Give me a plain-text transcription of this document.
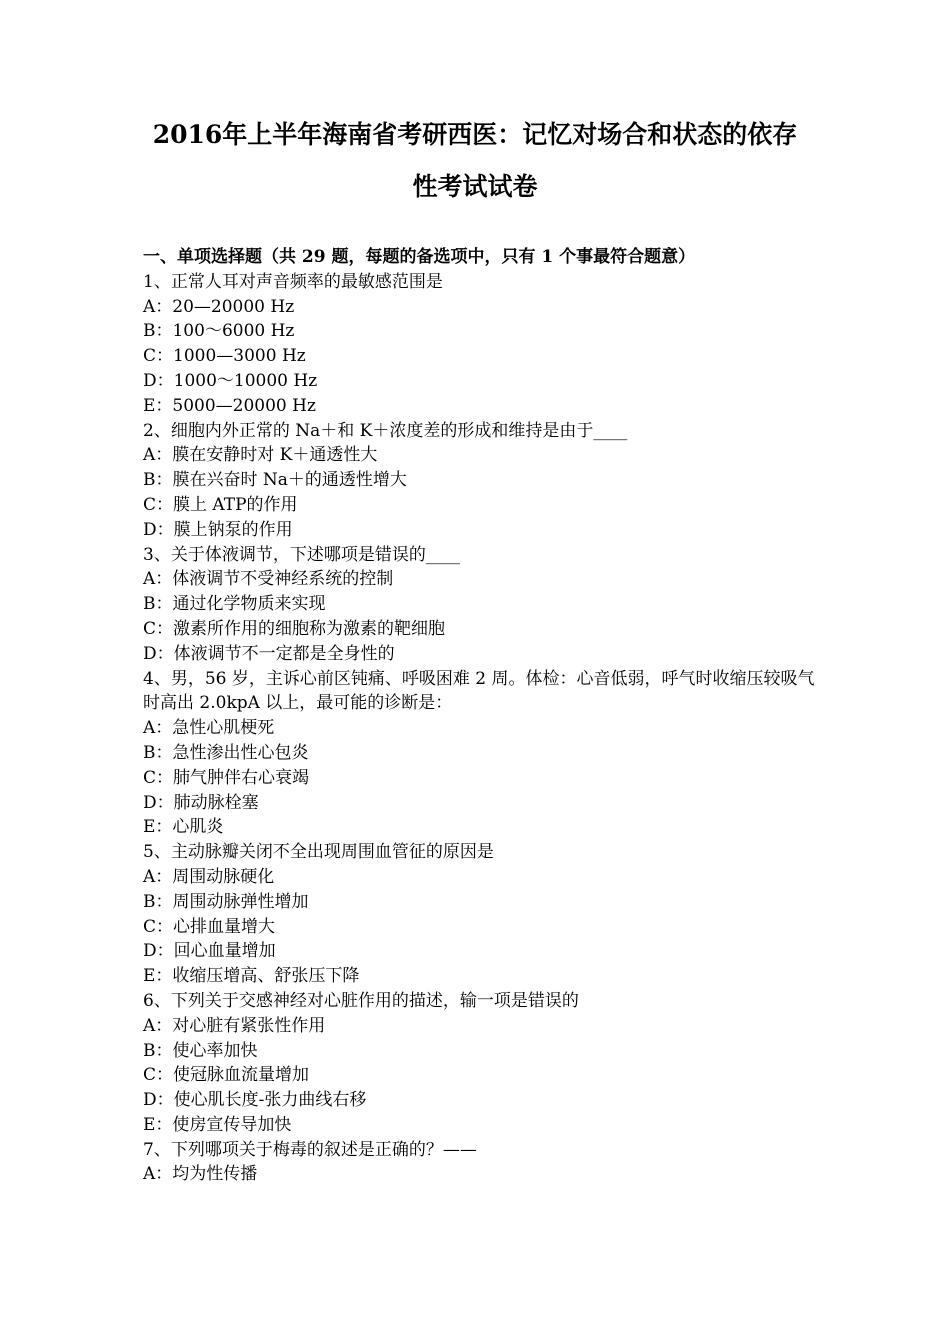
2016年上半年海南省考研西医：记忆对场合和状态的依存
性考试试卷
一、单项选择题（共 29 题，每题的备选项中，只有 1 个事最符合题意）
1、正常人耳对声音频率的最敏感范围是
A：20—20000 Hz
B：100～6000 Hz
C：1000—3000 Hz
D：1000～10000 Hz
E：5000—20000 Hz
2、细胞内外正常的 Na＋和 K＋浓度差的形成和维持是由于____
A：膜在安静时对 K＋通透性大
B：膜在兴奋时 Na＋的通透性增大
C：膜上 ATP的作用
D：膜上钠泵的作用
3、关于体液调节，下述哪项是错误的____
A：体液调节不受神经系统的控制
B：通过化学物质来实现
C：激素所作用的细胞称为激素的靶细胞
D：体液调节不一定都是全身性的
4、男，56 岁，主诉心前区钝痛、呼吸困难 2 周。体检：心音低弱，呼气时收缩压较吸气时高出 2.0kpA 以上，最可能的诊断是：
A：急性心肌梗死
B：急性渗出性心包炎
C：肺气肿伴右心衰竭
D：肺动脉栓塞
E：心肌炎
5、主动脉瓣关闭不全出现周围血管征的原因是
A：周围动脉硬化
B：周围动脉弹性增加
C：心排血量增大
D：回心血量增加
E：收缩压增高、舒张压下降
6、下列关于交感神经对心脏作用的描述，输一项是错误的
A：对心脏有紧张性作用
B：使心率加快
C：使冠脉血流量增加
D：使心肌长度-张力曲线右移
E：使房宣传导加快
7、下列哪项关于梅毒的叙述是正确的？——
A：均为性传播
